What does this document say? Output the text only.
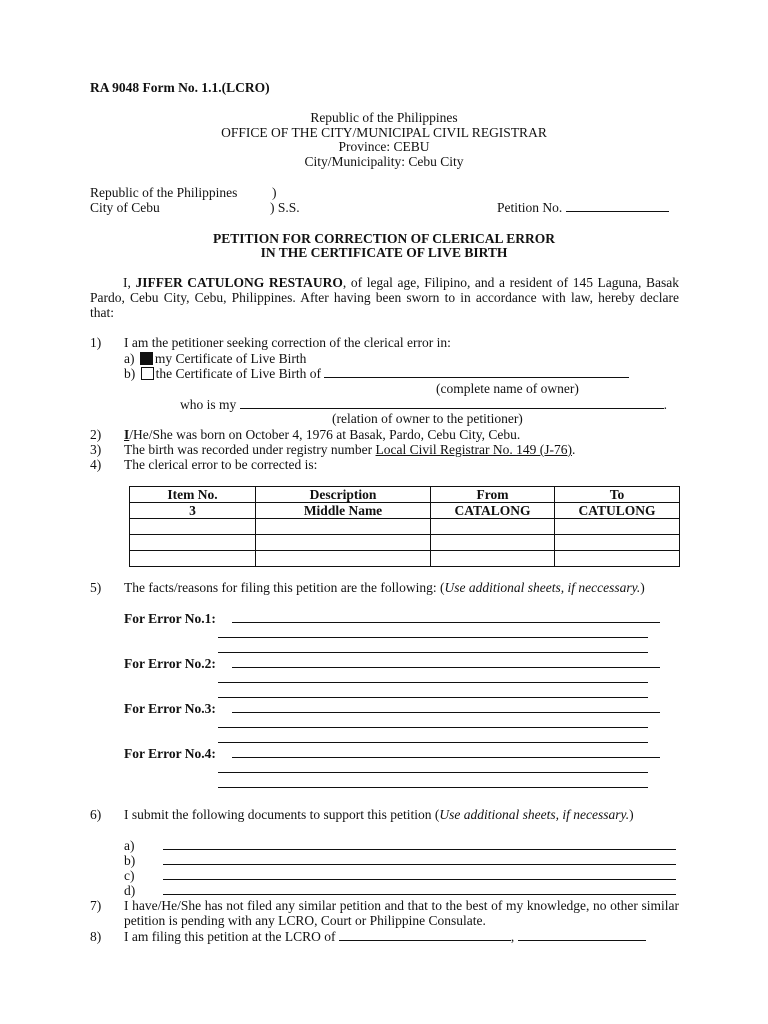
RA 9048 Form No. 1.1.(LCRO)
Republic of the Philippines
OFFICE OF THE CITY/MUNICIPAL CIVIL REGISTRAR
Province: CEBU
City/Municipality: Cebu City
Republic of the Philippines	)
City of Cebu	) S.S.	Petition No.
PETITION FOR CORRECTION OF CLERICAL ERROR
IN THE CERTIFICATE OF LIVE BIRTH
I, JIFFER CATULONG RESTAURO, of legal age, Filipino, and a resident of 145 Laguna, Basak Pardo, Cebu City, Cebu, Philippines. After having been sworn to in accordance with law, hereby declare that:
1) I am the petitioner seeking correction of the clerical error in:
a) my Certificate of Live Birth
b) the Certificate of Live Birth of
(complete name of owner)
who is my	.
(relation of owner to the petitioner)
2) I/He/She was born on October 4, 1976 at Basak, Pardo, Cebu City, Cebu.
3) The birth was recorded under registry number Local Civil Registrar No. 149 (J-76).
4) The clerical error to be corrected is:
Item No.	Description	From	To
3	Middle Name	CATALONG	CATULONG

5) The facts/reasons for filing this petition are the following: (Use additional sheets, if neccessary.)
For Error No.1:
For Error No.2:
For Error No.3:
For Error No.4:
6) I submit the following documents to support this petition (Use additional sheets, if necessary.)
a)
b)
c)
d)
7) I have/He/She has not filed any similar petition and that to the best of my knowledge, no other similar petition is pending with any LCRO, Court or Philippine Consulate.
8) I am filing this petition at the LCRO of	,
